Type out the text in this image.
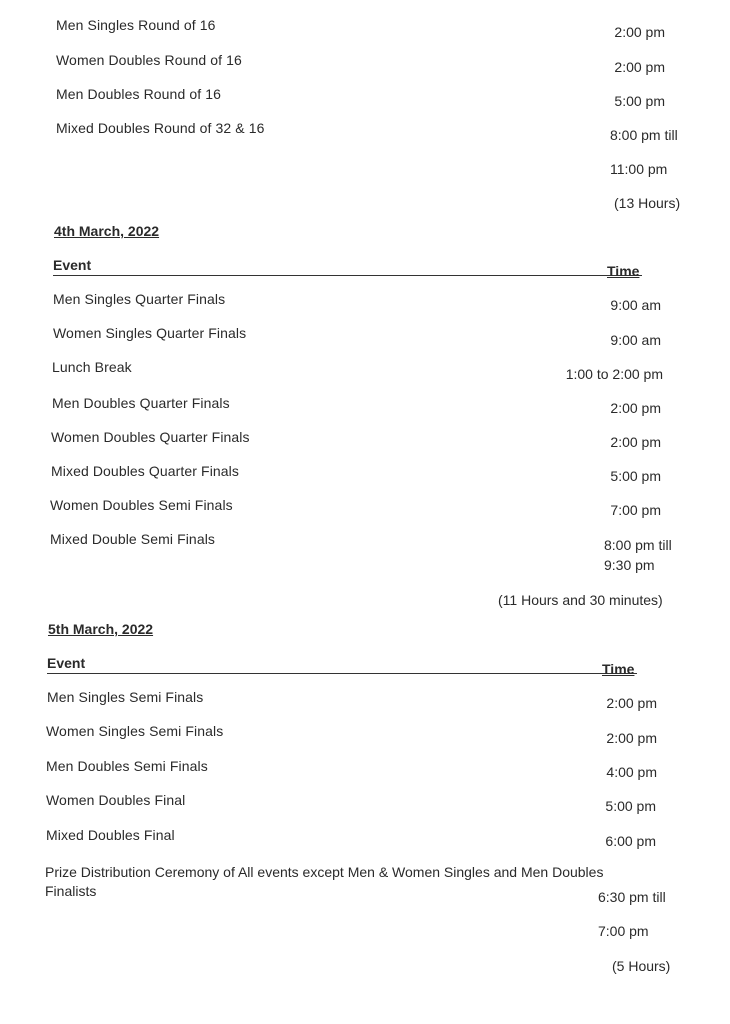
Men Singles Round of 16	2:00 pm
Women Doubles Round of 16	2:00 pm
Men Doubles Round of 16	5:00 pm
Mixed Doubles Round of 32 & 16	8:00 pm till
11:00 pm
(13 Hours)
4th March, 2022
Event	Time
Men Singles Quarter Finals	9:00 am
Women Singles Quarter Finals	9:00 am
Lunch Break	1:00 to 2:00 pm
Men Doubles Quarter Finals	2:00 pm
Women Doubles Quarter Finals	2:00 pm
Mixed Doubles Quarter Finals	5:00 pm
Women Doubles Semi Finals	7:00 pm
Mixed Double Semi Finals	8:00 pm till
9:30 pm
(11 Hours and 30 minutes)
5th March, 2022
Event	Time
Men Singles Semi Finals	2:00 pm
Women Singles Semi Finals	2:00 pm
Men Doubles Semi Finals	4:00 pm
Women Doubles Final	5:00 pm
Mixed Doubles Final	6:00 pm
Prize Distribution Ceremony of All events except Men & Women Singles and Men Doubles
Finalists	6:30 pm till
7:00 pm
(5 Hours)
